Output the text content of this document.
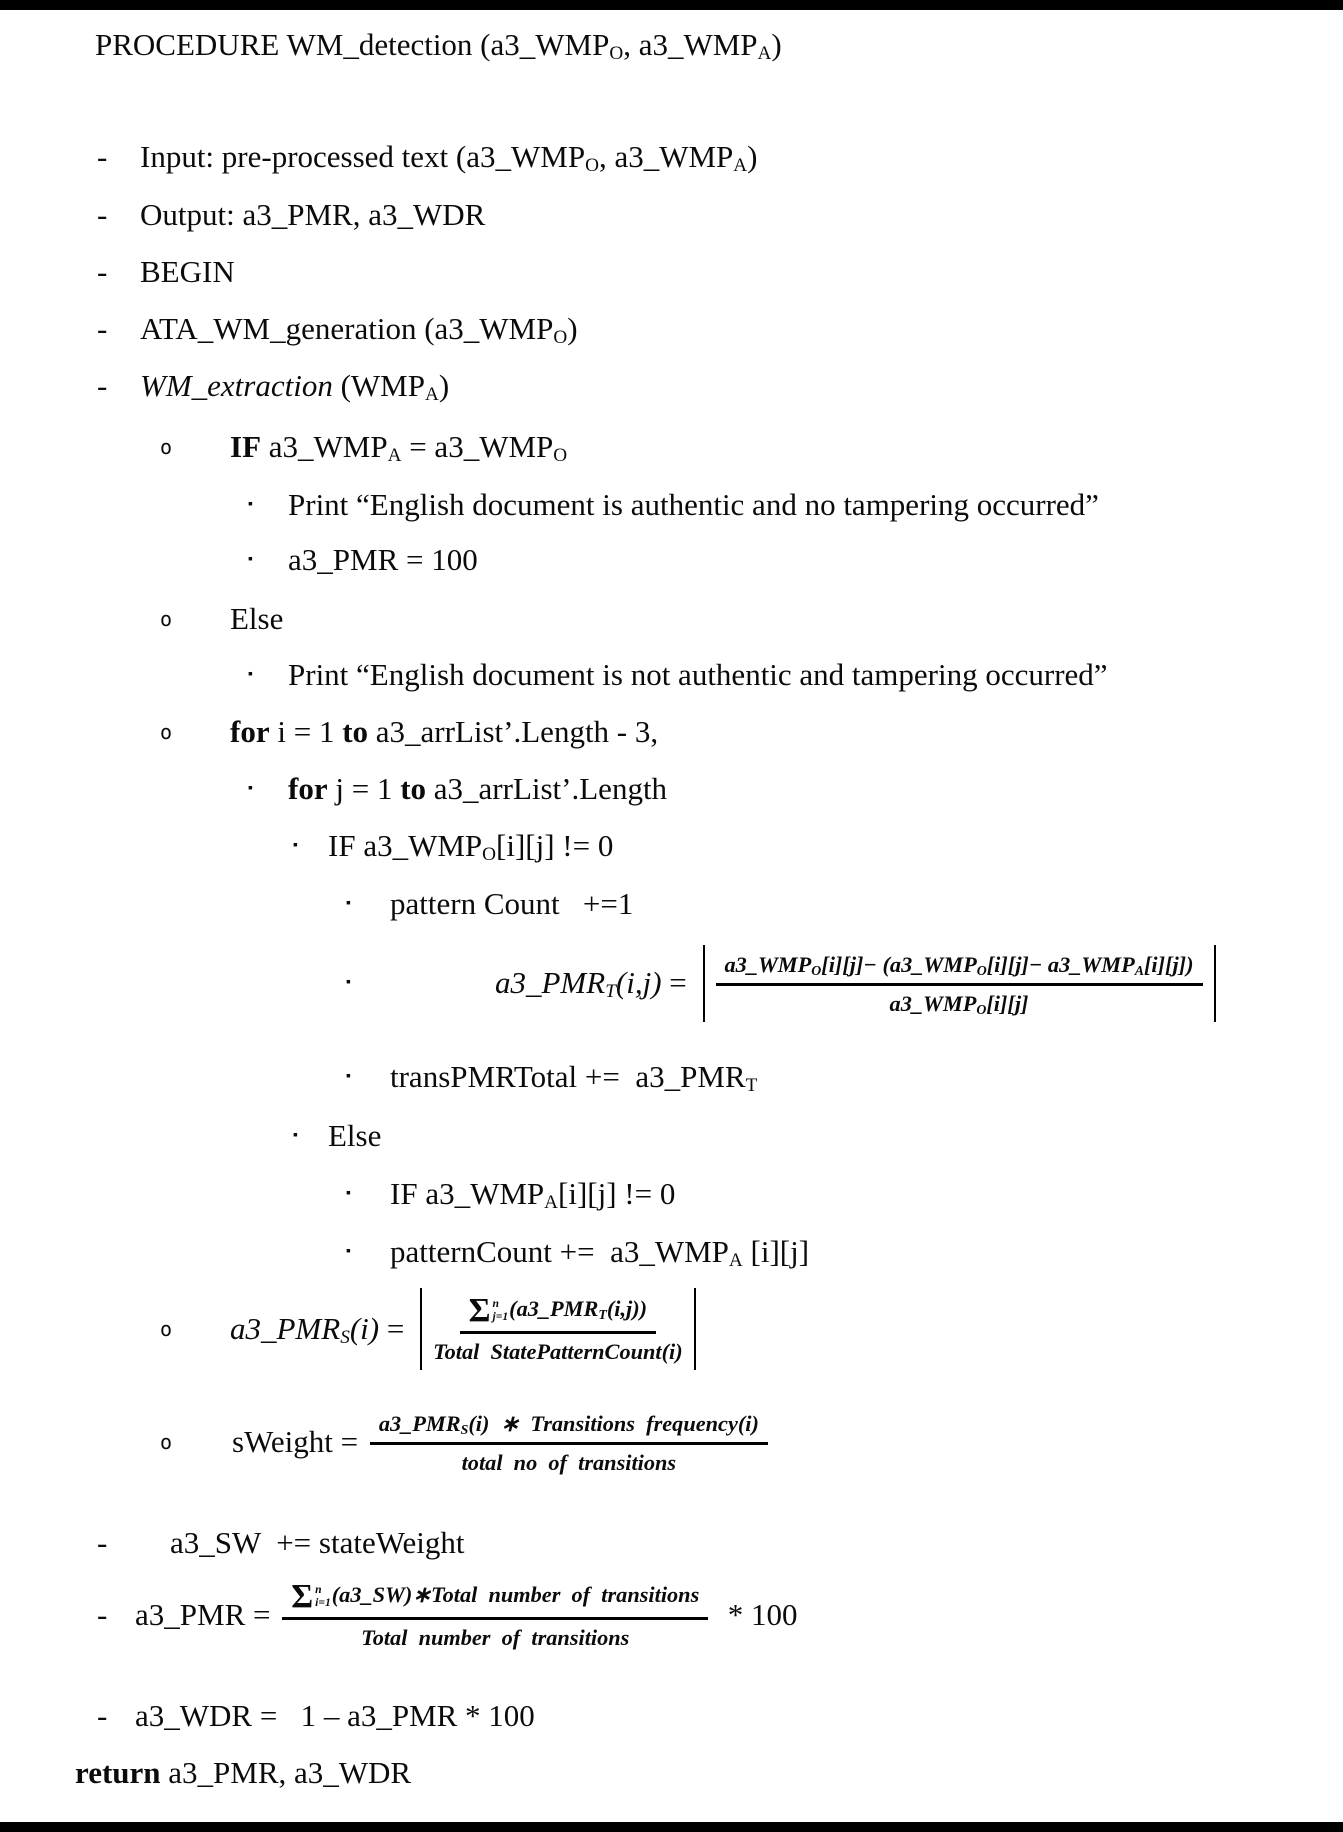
PROCEDURE WM_detection ($a3\_WMP_O$, $a3\_WMP_A$)
- Input: pre-processed text ($a3\_WMP_O$, $a3\_WMP_A$)
- Output: a3_PMR, a3_WDR
- BEGIN
- ATA_WM_generation $(a3\_WMP_O)$
- WM_extraction $(WMP_A)$
o IF $a3\_WMP_A$ = $a3\_WMP_O$
▪ Print “English document is authentic and no tampering occurred”
▪ a3_PMR = 100
o Else
▪ Print “English document is not authentic and tampering occurred”
o for i = 1 to a3_arrList’.Length - 3,
▪ for j = 1 to a3_arrList’.Length
▪ IF $a3\_WMP_O[i][j]$ != 0
▪ pattern Count   +=1
▪	$a3\_PMR_T(i,j) = \frac{a3\_WMP_O[i][j]- (a3\_WMP_O[i][j]- a3\_WMP_A[i][j])}{a3\_WMP_O[i][j]}$
▪ transPMRTotal +=  $a3\_PMR_T$
▪ Else
▪ IF $a3\_WMP_A[i][j]$ != 0
▪ patternCount +=  $a3\_WMP_A$ [i][j]
o $a3\_PMR_S(i) = \Sigma$ n
j=1 $(a3\_PMR_T(i,j))$
Total  StatePatternCount(i)
o sWeight = $\frac{a3\_PMR_S(i) ∗ Transitions frequency(i)}{\text{total  no  of  transitions}}$
- a3_SW  += stateWeight
- a3_PMR = Σ n
i=1 (a3_SW)∗Total  number  of  transitions
Total  number  of  transitions * 100
- a3_WDR =   1 – a3_PMR * 100
return a3_PMR, a3_WDR
